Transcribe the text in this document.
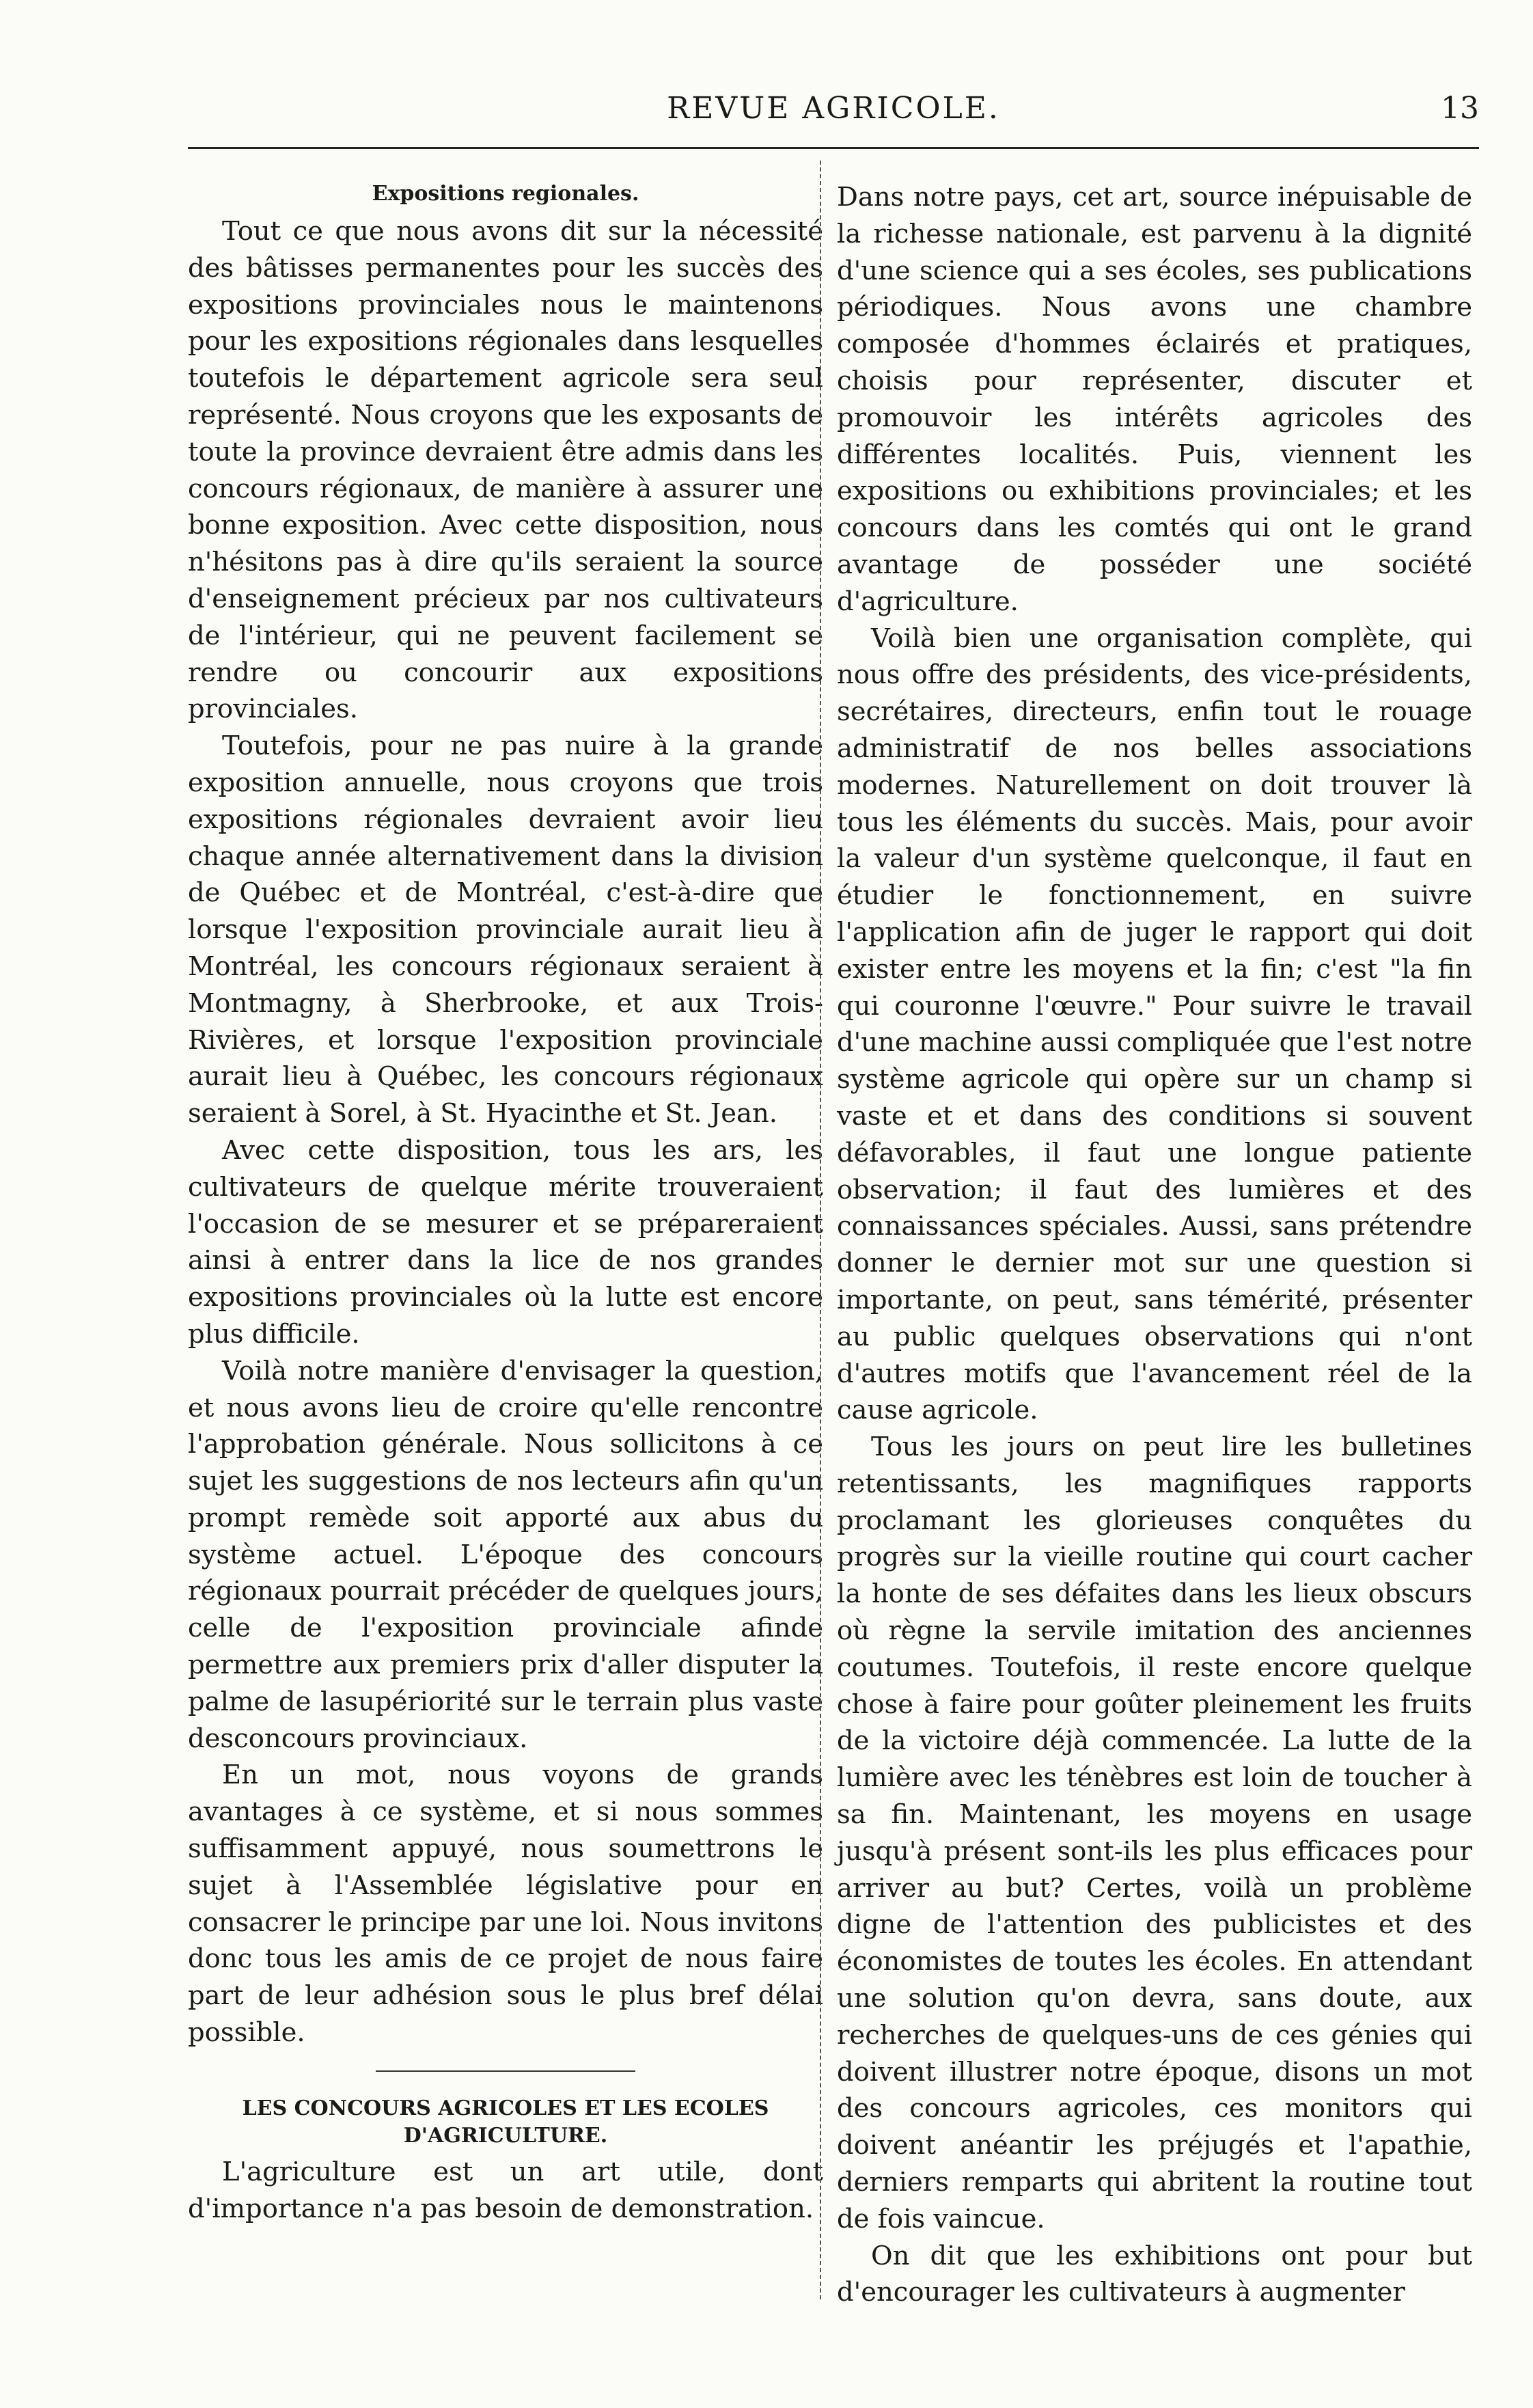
REVUE AGRICOLE.	13
Expositions regionales.

Tout ce que nous avons dit sur la nécessité des bâtisses permanentes pour les succès des expositions provinciales nous le maintenons pour les expositions régionales dans lesquelles toutefois le département agricole sera seul représenté. Nous croyons que les exposants de toute la province devraient être admis dans les concours régionaux, de manière à assurer une bonne exposition. Avec cette disposition, nous n'hésitons pas à dire qu'ils seraient la source d'enseignement précieux par nos cultivateurs de l'intérieur, qui ne peuvent facilement se rendre ou concourir aux expositions provinciales.

Toutefois, pour ne pas nuire à la grande exposition annuelle, nous croyons que trois expositions régionales devraient avoir lieu chaque année alternativement dans la division de Québec et de Montréal, c'est-à-dire que lorsque l'exposition provinciale aurait lieu à Montréal, les concours régionaux seraient à Montmagny, à Sherbrooke, et aux Trois-Rivières, et lorsque l'exposition provinciale aurait lieu à Québec, les concours régionaux seraient à Sorel, à St. Hyacinthe et St. Jean.

Avec cette disposition, tous les ars, les cultivateurs de quelque mérite trouveraient l'occasion de se mesurer et se prépareraient ainsi à entrer dans la lice de nos grandes expositions provinciales où la lutte est encore plus difficile.

Voilà notre manière d'envisager la question, et nous avons lieu de croire qu'elle rencontre l'approbation générale. Nous sollicitons à ce sujet les suggestions de nos lecteurs afin qu'un prompt remède soit apporté aux abus du système actuel. L'époque des concours régionaux pourrait précéder de quelques jours, celle de l'exposition provinciale afinde permettre aux premiers prix d'aller disputer la palme de lasupériorité sur le terrain plus vaste desconcours provinciaux.

En un mot, nous voyons de grands avantages à ce système, et si nous sommes suffisamment appuyé, nous soumettrons le sujet à l'Assemblée législative pour en consacrer le principe par une loi. Nous invitons donc tous les amis de ce projet de nous faire part de leur adhésion sous le plus bref délai possible.

LES CONCOURS AGRICOLES ET LES ECOLES D'AGRICULTURE.

L'agriculture est un art utile, dont d'importance n'a pas besoin de demonstration.

Dans notre pays, cet art, source inépuisable de la richesse nationale, est parvenu à la dignité d'une science qui a ses écoles, ses publications périodiques. Nous avons une chambre composée d'hommes éclairés et pratiques, choisis pour représenter, discuter et promouvoir les intérêts agricoles des différentes localités. Puis, viennent les expositions ou exhibitions provinciales; et les concours dans les comtés qui ont le grand avantage de posséder une société d'agriculture.

Voilà bien une organisation complète, qui nous offre des présidents, des vice-présidents, secrétaires, directeurs, enfin tout le rouage administratif de nos belles associations modernes. Naturellement on doit trouver là tous les éléments du succès. Mais, pour avoir la valeur d'un système quelconque, il faut en étudier le fonctionnement, en suivre l'application afin de juger le rapport qui doit exister entre les moyens et la fin; c'est "la fin qui couronne l'œuvre." Pour suivre le travail d'une machine aussi compliquée que l'est notre système agricole qui opère sur un champ si vaste et et dans des conditions si souvent défavorables, il faut une longue patiente observation; il faut des lumières et des connaissances spéciales. Aussi, sans prétendre donner le dernier mot sur une question si importante, on peut, sans témérité, présenter au public quelques observations qui n'ont d'autres motifs que l'avancement réel de la cause agricole.

Tous les jours on peut lire les bulletines retentissants, les magnifiques rapports proclamant les glorieuses conquêtes du progrès sur la vieille routine qui court cacher la honte de ses défaites dans les lieux obscurs où règne la servile imitation des anciennes coutumes. Toutefois, il reste encore quelque chose à faire pour goûter pleinement les fruits de la victoire déjà commencée. La lutte de la lumière avec les ténèbres est loin de toucher à sa fin. Maintenant, les moyens en usage jusqu'à présent sont-ils les plus efficaces pour arriver au but? Certes, voilà un problème digne de l'attention des publicistes et des économistes de toutes les écoles. En attendant une solution qu'on devra, sans doute, aux recherches de quelques-uns de ces génies qui doivent illustrer notre époque, disons un mot des concours agricoles, ces monitors qui doivent anéantir les préjugés et l'apathie, derniers remparts qui abritent la routine tout de fois vaincue.

On dit que les exhibitions ont pour but d'encourager les cultivateurs à augmenter
